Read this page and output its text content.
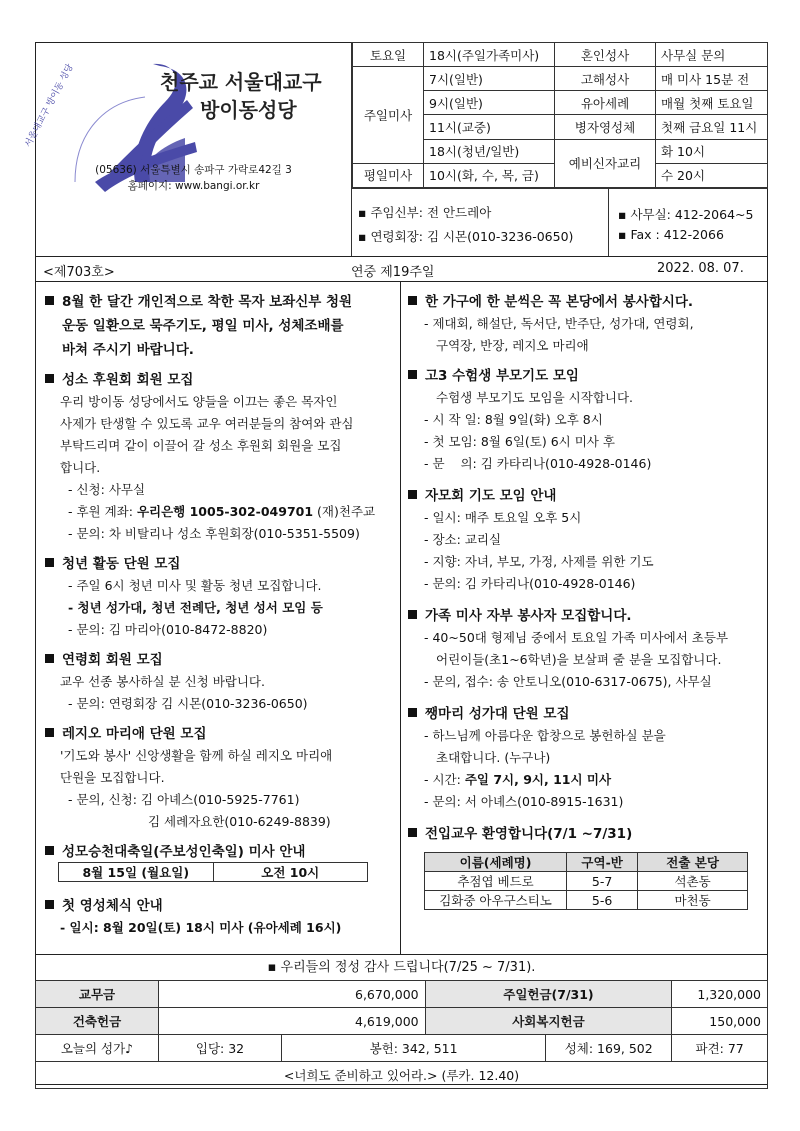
서울대교구 방이동 성당	천주교 서울대교구
방이동성당
(05636) 서울특별시 송파구 가락로42길 3
홈페이지: www.bangi.or.kr
토요일	18시(주일가족미사)	혼인성사	사무실 문의
주일미사	7시(일반)	고해성사	매 미사 15분 전
	9시(일반)	유아세례	매월 첫째 토요일
	11시(교중)	병자영성체	첫째 금요일 11시
	18시(청년/일반)	예비신자교리	화 10시
평일미사	10시(화, 수, 목, 금)		수 20시
▪ 주임신부: 전 안드레아
▪ 연령회장: 김 시몬(010-3236-0650)
▪ 사무실: 412-2064~5
▪ Fax : 412-2066
<제703호>	연중 제19주일	2022. 08. 07.
8월 한 달간 개인적으로 착한 목자 보좌신부 청원
운동 일환으로 묵주기도, 평일 미사, 성체조배를
바쳐 주시기 바랍니다.
성소 후원회 회원 모집
우리 방이동 성당에서도 양들을 이끄는 좋은 목자인
사제가 탄생할 수 있도록 교우 여러분들의 참여와 관심
부탁드리며 같이 이끌어 갈 성소 후원회 회원을 모집
합니다.
- 신청: 사무실
- 후원 계좌: 우리은행 1005-302-049701 (재)천주교
- 문의: 차 비탈리나 성소 후원회장(010-5351-5509)
청년 활동 단원 모집
- 주일 6시 청년 미사 및 활동 청년 모집합니다.
- 청년 성가대, 청년 전례단, 청년 성서 모임 등
- 문의: 김 마리아(010-8472-8820)
연령회 회원 모집
교우 선종 봉사하실 분 신청 바랍니다.
- 문의: 연령회장 김 시몬(010-3236-0650)
레지오 마리애 단원 모집
'기도와 봉사' 신앙생활을 함께 하실 레지오 마리애
단원을 모집합니다.
- 문의, 신청: 김 아녜스(010-5925-7761)
김 세례자요한(010-6249-8839)
성모승천대축일(주보성인축일) 미사 안내
8월 15일 (월요일)	오전 10시
첫 영성체식 안내
- 일시: 8월 20일(토) 18시 미사 (유아세례 16시)
한 가구에 한 분씩은 꼭 본당에서 봉사합시다.
- 제대회, 해설단, 독서단, 반주단, 성가대, 연령회,
구역장, 반장, 레지오 마리애
고3 수험생 부모기도 모임
수험생 부모기도 모임을 시작합니다.
- 시 작 일: 8월 9일(화) 오후 8시
- 첫 모임: 8월 6일(토) 6시 미사 후
- 문    의: 김 카타리나(010-4928-0146)
자모회 기도 모임 안내
- 일시: 매주 토요일 오후 5시
- 장소: 교리실
- 지향: 자녀, 부모, 가정, 사제를 위한 기도
- 문의: 김 카타리나(010-4928-0146)
가족 미사 자부 봉사자 모집합니다.
- 40~50대 형제님 중에서 토요일 가족 미사에서 초등부
어린이들(초1~6학년)을 보살펴 줄 분을 모집합니다.
- 문의, 접수: 송 안토니오(010-6317-0675), 사무실
쨍마리 성가대 단원 모집
- 하느님께 아름다운 합창으로 봉헌하실 분을
초대합니다. (누구나)
- 시간: 주일 7시, 9시, 11시 미사
- 문의: 서 아녜스(010-8915-1631)
전입교우 환영합니다(7/1 ~7/31)
이름(세례명)	구역-반	전출 본당
추점엽 베드로	5-7	석촌동
김화중 아우구스티노	5-6	마천동
▪ 우리들의 정성 감사 드립니다(7/25 ~ 7/31).
교무금	6,670,000		주일헌금(7/31)		1,320,000
건축헌금	4,619,000		사회복지헌금		150,000
오늘의 성가♪	입당: 32	봉헌: 342, 511		성체: 169, 502	파견: 77
<너희도 준비하고 있어라.> (루카. 12.40)					
